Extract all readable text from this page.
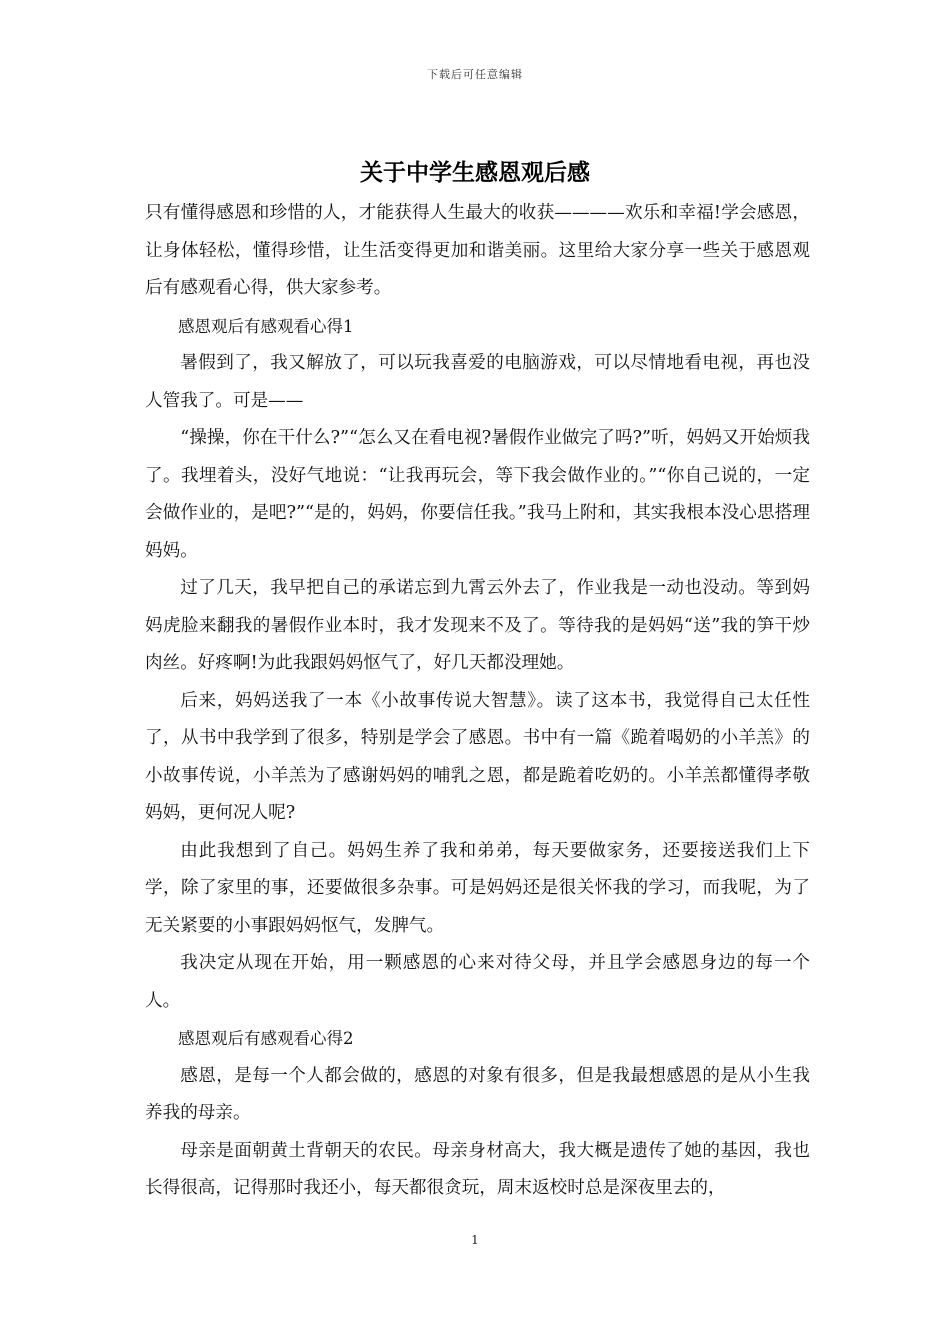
下载后可任意编辑
关于中学生感恩观后感

只有懂得感恩和珍惜的人，才能获得人生最大的收获————欢乐和幸福!学会感恩，让身体轻松，懂得珍惜，让生活变得更加和谐美丽。这里给大家分享一些关于感恩观后有感观看心得，供大家参考。

感恩观后有感观看心得1

暑假到了，我又解放了，可以玩我喜爱的电脑游戏，可以尽情地看电视，再也没人管我了。可是——

“操操，你在干什么?”“怎么又在看电视?暑假作业做完了吗?”听，妈妈又开始烦我了。我埋着头，没好气地说：“让我再玩会，等下我会做作业的。”“你自己说的，一定会做作业的，是吧?”“是的，妈妈，你要信任我。”我马上附和，其实我根本没心思搭理妈妈。

过了几天，我早把自己的承诺忘到九霄云外去了，作业我是一动也没动。等到妈妈虎脸来翻我的暑假作业本时，我才发现来不及了。等待我的是妈妈“送”我的笋干炒肉丝。好疼啊!为此我跟妈妈怄气了，好几天都没理她。

后来，妈妈送我了一本《小故事传说大智慧》。读了这本书，我觉得自己太任性了，从书中我学到了很多，特别是学会了感恩。书中有一篇《跪着喝奶的小羊羔》的小故事传说，小羊羔为了感谢妈妈的哺乳之恩，都是跪着吃奶的。小羊羔都懂得孝敬妈妈，更何况人呢?

由此我想到了自己。妈妈生养了我和弟弟，每天要做家务，还要接送我们上下学，除了家里的事，还要做很多杂事。可是妈妈还是很关怀我的学习，而我呢，为了无关紧要的小事跟妈妈怄气，发脾气。

我决定从现在开始，用一颗感恩的心来对待父母，并且学会感恩身边的每一个人。

感恩观后有感观看心得2

感恩，是每一个人都会做的，感恩的对象有很多，但是我最想感恩的是从小生我养我的母亲。

母亲是面朝黄土背朝天的农民。母亲身材高大，我大概是遗传了她的基因，我也长得很高，记得那时我还小，每天都很贪玩，周末返校时总是深夜里去的，

1
